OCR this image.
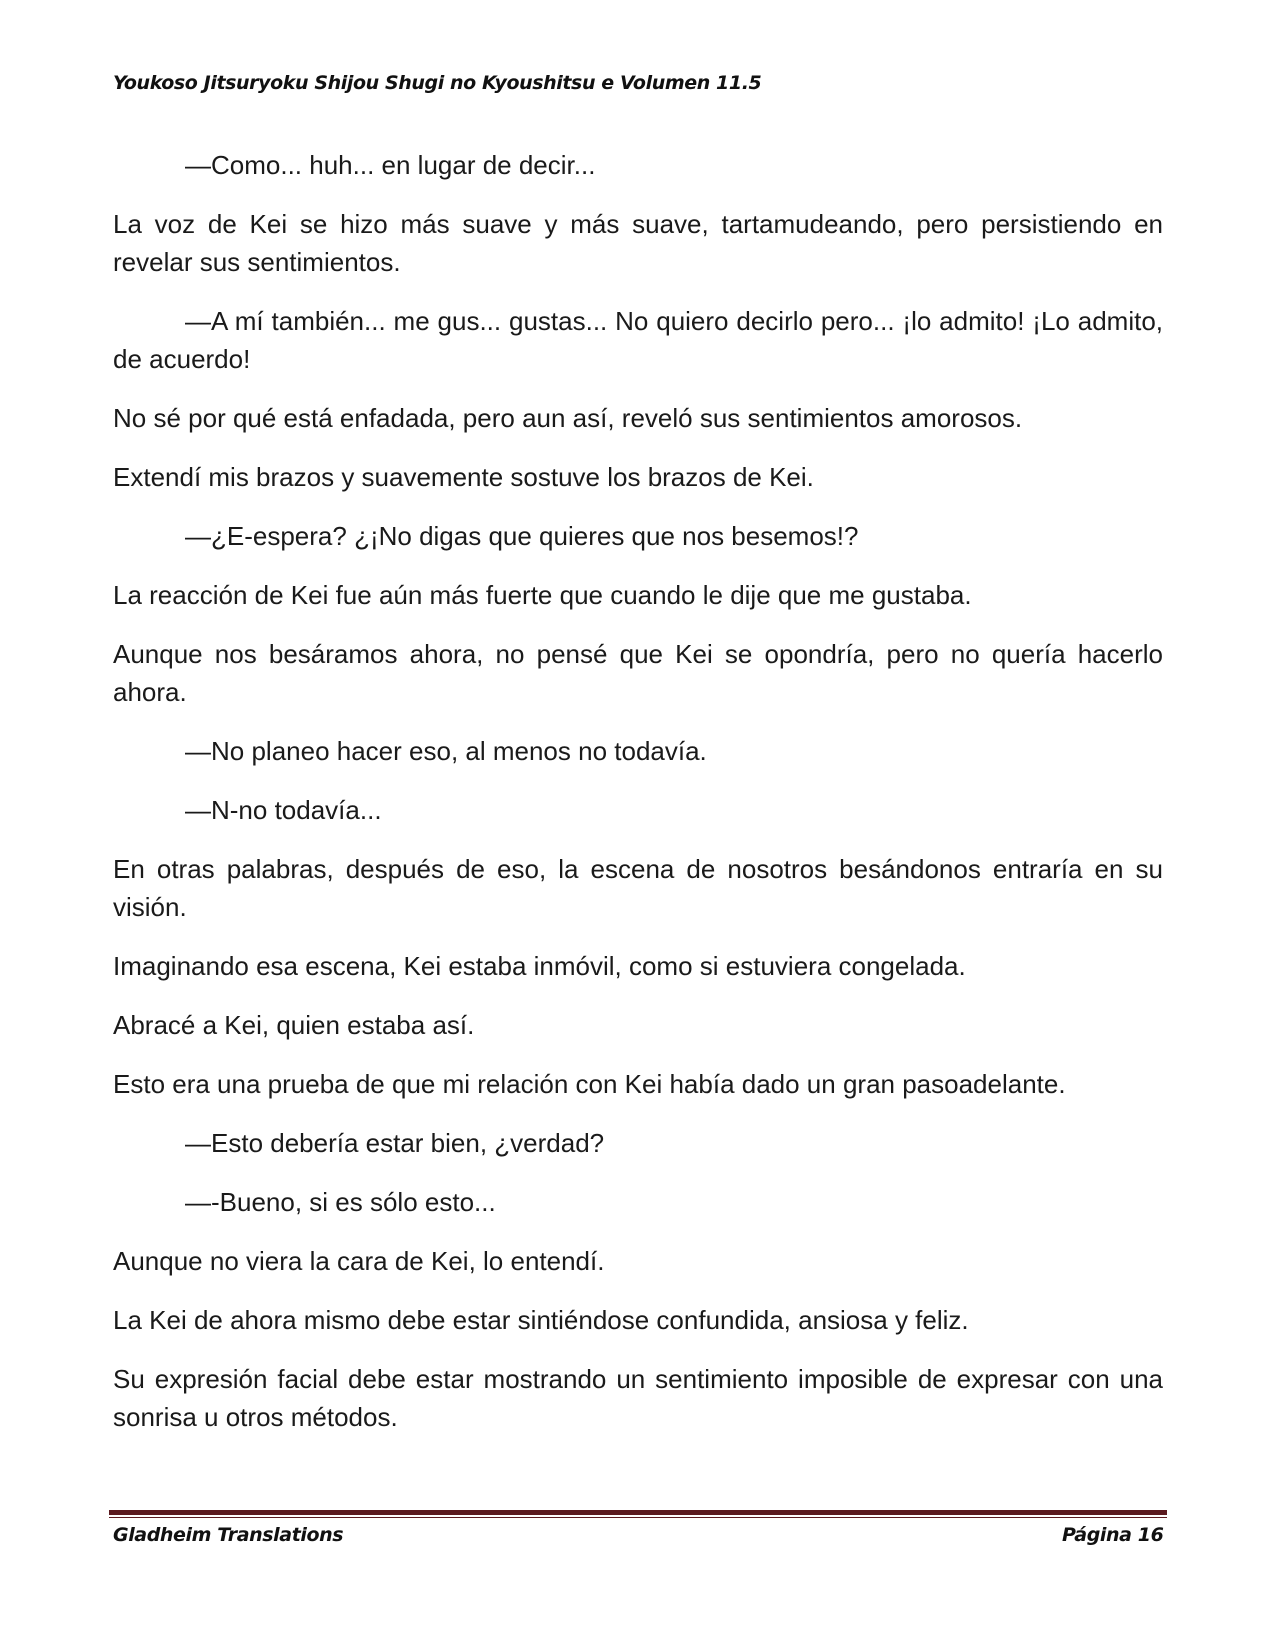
Youkoso Jitsuryoku Shijou Shugi no Kyoushitsu e Volumen 11.5

—Como... huh... en lugar de decir...

La voz de Kei se hizo más suave y más suave, tartamudeando, pero persistiendo en revelar sus sentimientos.

—A mí también... me gus... gustas... No quiero decirlo pero... ¡lo admito! ¡Lo admito, de acuerdo!

No sé por qué está enfadada, pero aun así, reveló sus sentimientos amorosos.

Extendí mis brazos y suavemente sostuve los brazos de Kei.

—¿E-espera? ¿¡No digas que quieres que nos besemos!?

La reacción de Kei fue aún más fuerte que cuando le dije que me gustaba.

Aunque nos besáramos ahora, no pensé que Kei se opondría, pero no quería hacerlo ahora.

—No planeo hacer eso, al menos no todavía.

—N-no todavía...

En otras palabras, después de eso, la escena de nosotros besándonos entraría en su visión.

Imaginando esa escena, Kei estaba inmóvil, como si estuviera congelada.

Abracé a Kei, quien estaba así.

Esto era una prueba de que mi relación con Kei había dado un gran pasoadelante.

—Esto debería estar bien, ¿verdad?

—-Bueno, si es sólo esto...

Aunque no viera la cara de Kei, lo entendí.

La Kei de ahora mismo debe estar sintiéndose confundida, ansiosa y feliz.

Su expresión facial debe estar mostrando un sentimiento imposible de expresar con una sonrisa u otros métodos.

Gladheim Translations	Página 16
